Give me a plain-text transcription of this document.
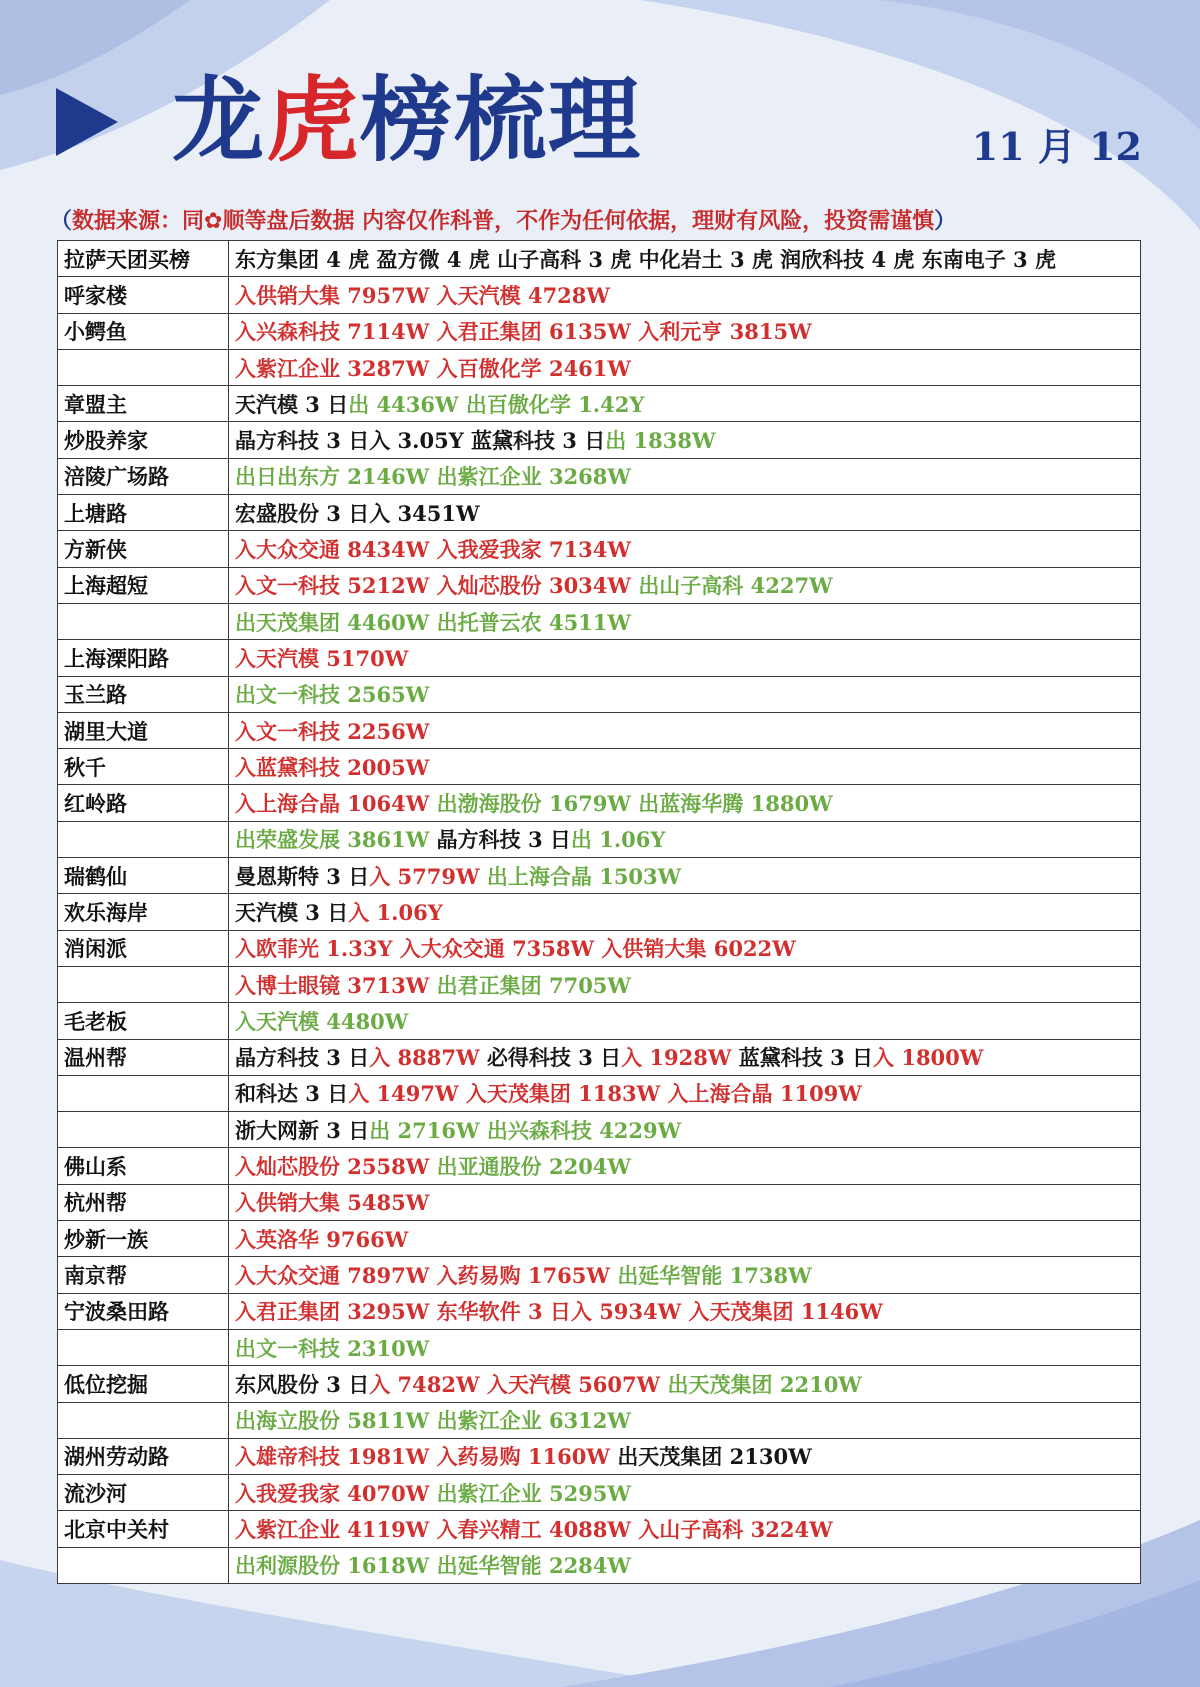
龙虎榜梳理	11 月 12
（数据来源：同✿顺等盘后数据 内容仅作科普，不作为任何依据，理财有风险，投资需谨慎）
拉萨天团买榜	东方集团 4 虎 盈方微 4 虎 山子高科 3 虎 中化岩土 3 虎 润欣科技 4 虎 东南电子 3 虎
呼家楼	入供销大集 7957W 入天汽模 4728W
小鳄鱼	入兴森科技 7114W 入君正集团 6135W 入利元亨 3815W
	入紫江企业 3287W 入百傲化学 2461W
章盟主	天汽模 3 日出 4436W 出百傲化学 1.42Y
炒股养家	晶方科技 3 日入 3.05Y 蓝黛科技 3 日出 1838W
涪陵广场路	出日出东方 2146W 出紫江企业 3268W
上塘路	宏盛股份 3 日入 3451W
方新侠	入大众交通 8434W 入我爱我家 7134W
上海超短	入文一科技 5212W 入灿芯股份 3034W 出山子高科 4227W
	出天茂集团 4460W 出托普云农 4511W
上海溧阳路	入天汽模 5170W
玉兰路	出文一科技 2565W
湖里大道	入文一科技 2256W
秋千	入蓝黛科技 2005W
红岭路	入上海合晶 1064W 出渤海股份 1679W 出蓝海华腾 1880W
	出荣盛发展 3861W 晶方科技 3 日出 1.06Y
瑞鹤仙	曼恩斯特 3 日入 5779W 出上海合晶 1503W
欢乐海岸	天汽模 3 日入 1.06Y
消闲派	入欧菲光 1.33Y 入大众交通 7358W 入供销大集 6022W
	入博士眼镜 3713W 出君正集团 7705W
毛老板	入天汽模 4480W
温州帮	晶方科技 3 日入 8887W 必得科技 3 日入 1928W 蓝黛科技 3 日入 1800W
	和科达 3 日入 1497W 入天茂集团 1183W 入上海合晶 1109W
	浙大网新 3 日出 2716W 出兴森科技 4229W
佛山系	入灿芯股份 2558W 出亚通股份 2204W
杭州帮	入供销大集 5485W
炒新一族	入英洛华 9766W
南京帮	入大众交通 7897W 入药易购 1765W 出延华智能 1738W
宁波桑田路	入君正集团 3295W 东华软件 3 日入 5934W 入天茂集团 1146W
	出文一科技 2310W
低位挖掘	东风股份 3 日入 7482W 入天汽模 5607W 出天茂集团 2210W
	出海立股份 5811W 出紫江企业 6312W
湖州劳动路	入雄帝科技 1981W 入药易购 1160W 出天茂集团 2130W
流沙河	入我爱我家 4070W 出紫江企业 5295W
北京中关村	入紫江企业 4119W 入春兴精工 4088W 入山子高科 3224W
	出利源股份 1618W 出延华智能 2284W
